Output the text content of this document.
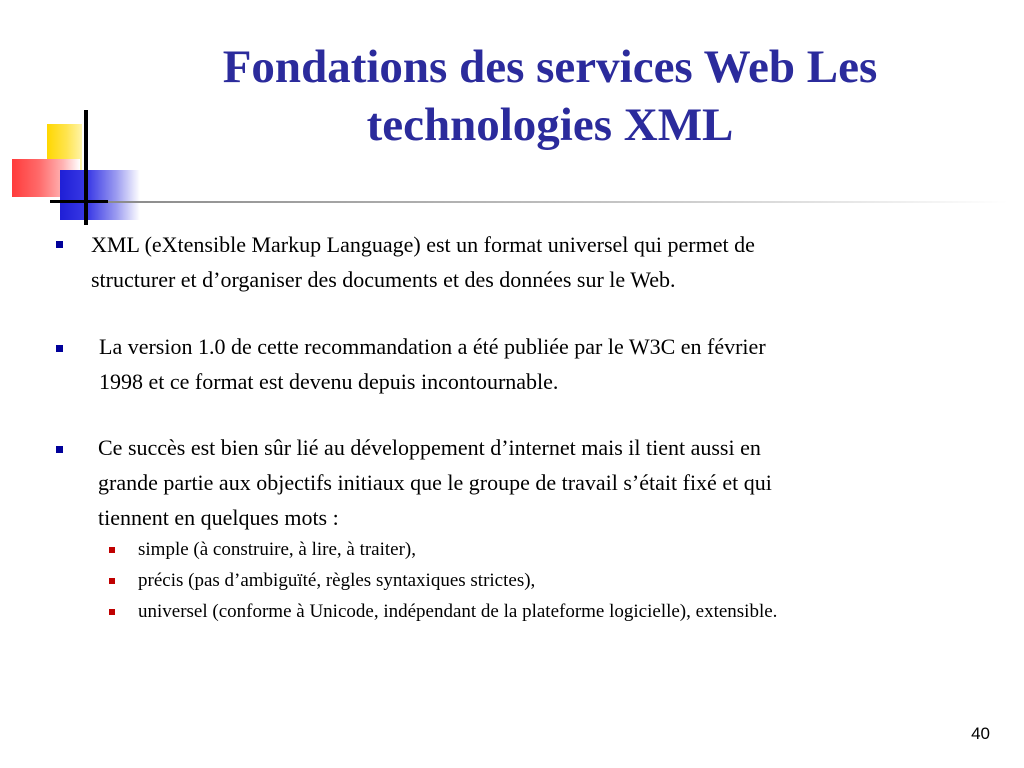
Fondations des services Web Les
technologies XML
XML (eXtensible Markup Language) est un format universel qui permet de
structurer et d’organiser des documents et des données sur le Web.
La version 1.0 de cette recommandation a été publiée par le W3C en février
1998 et ce format est devenu depuis incontournable.
Ce succès est bien sûr lié au développement d’internet mais il tient aussi en
grande partie aux objectifs initiaux que le groupe de travail s’était fixé et qui
tiennent en quelques mots :
simple (à construire, à lire, à traiter),
précis (pas d’ambiguïté, règles syntaxiques strictes),
universel (conforme à Unicode, indépendant de la plateforme logicielle), extensible.
40
